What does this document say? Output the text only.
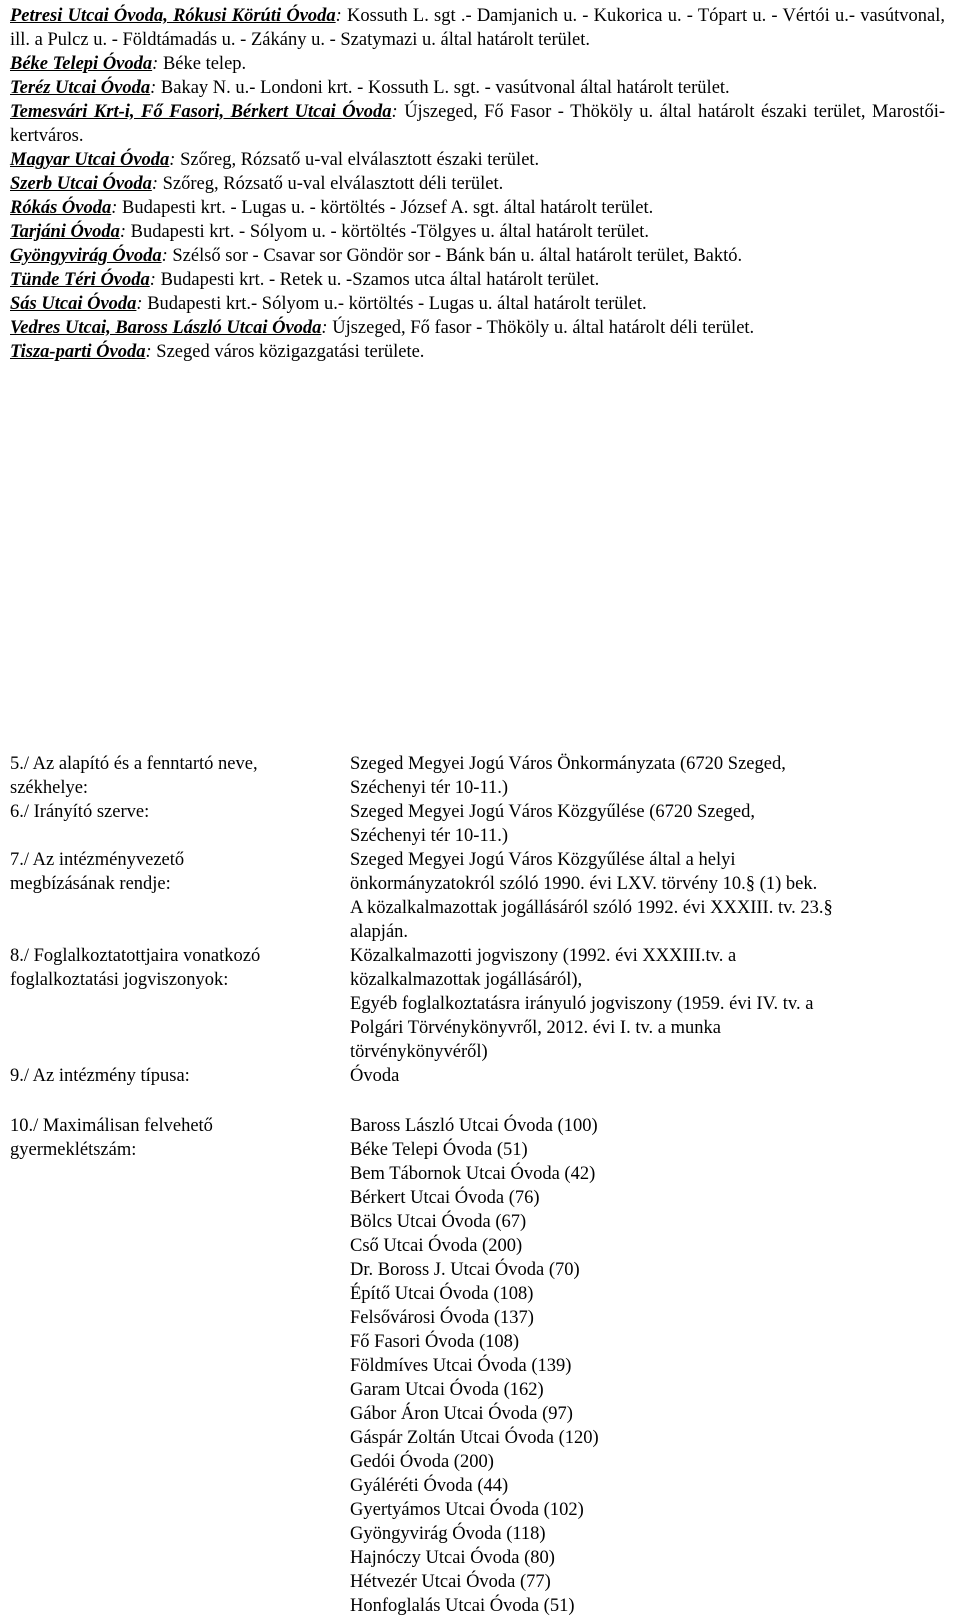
Petresi Utcai Óvoda, Rókusi Körúti Óvoda: Kossuth L. sgt .- Damjanich u. - Kukorica u. - Tópart u. - Vértói u.- vasútvonal, ill. a Pulcz u. - Földtámadás u. - Zákány u. - Szatymazi u. által határolt terület.

Béke Telepi Óvoda: Béke telep.

Teréz Utcai Óvoda: Bakay N. u.- Londoni krt. - Kossuth L. sgt. - vasútvonal által határolt terület.

Temesvári Krt-i, Fő Fasori, Bérkert Utcai Óvoda: Újszeged, Fő Fasor - Thököly u. által határolt északi terület, Marostői-kertváros.

Magyar Utcai Óvoda: Szőreg, Rózsatő u-val elválasztott északi terület.

Szerb Utcai Óvoda: Szőreg, Rózsatő u-val elválasztott déli terület.

Rókás Óvoda: Budapesti krt. - Lugas u. - körtöltés - József A. sgt. által határolt terület.

Tarjáni Óvoda: Budapesti krt. - Sólyom u. - körtöltés -Tölgyes u. által határolt terület.

Gyöngyvirág Óvoda: Szélső sor - Csavar sor Göndör sor - Bánk bán u. által határolt terület, Baktó.

Tünde Téri Óvoda: Budapesti krt. - Retek u. -Szamos utca által határolt terület.

Sás Utcai Óvoda: Budapesti krt.- Sólyom u.- körtöltés - Lugas u. által határolt terület.

Vedres Utcai, Baross László Utcai Óvoda: Újszeged, Fő fasor - Thököly u. által határolt déli terület.

Tisza-parti Óvoda: Szeged város közigazgatási területe.

5./ Az alapító és a fenntartó neve,
székhelye:
Szeged Megyei Jogú Város Önkormányzata (6720 Szeged,
Széchenyi tér 10-11.)
6./ Irányító szerve:	Szeged Megyei Jogú Város Közgyűlése (6720 Szeged,
Széchenyi tér 10-11.)
7./ Az intézményvezető
megbízásának rendje:
Szeged Megyei Jogú Város Közgyűlése által a helyi
önkormányzatokról szóló 1990. évi LXV. törvény 10.§ (1) bek.
A közalkalmazottak jogállásáról szóló 1992. évi XXXIII. tv. 23.§
alapján.
8./ Foglalkoztatottjaira vonatkozó
foglalkoztatási jogviszonyok:
Közalkalmazotti jogviszony (1992. évi XXXIII.tv. a
közalkalmazottak jogállásáról),
Egyéb foglalkoztatásra irányuló jogviszony (1959. évi IV. tv. a
Polgári Törvénykönyvről, 2012. évi I. tv. a munka
törvénykönyvéről)
9./ Az intézmény típusa:	Óvoda
10./ Maximálisan felvehető
gyermeklétszám:
Baross László Utcai Óvoda (100)
Béke Telepi Óvoda (51)
Bem Tábornok Utcai Óvoda (42)
Bérkert Utcai Óvoda (76)
Bölcs Utcai Óvoda (67)
Cső Utcai Óvoda (200)
Dr. Boross J. Utcai Óvoda (70)
Építő Utcai Óvoda (108)
Felsővárosi Óvoda (137)
Fő Fasori Óvoda (108)
Földmíves Utcai Óvoda (139)
Garam Utcai Óvoda (162)
Gábor Áron Utcai Óvoda (97)
Gáspár Zoltán Utcai Óvoda (120)
Gedói Óvoda (200)
Gyáléréti Óvoda (44)
Gyertyámos Utcai Óvoda (102)
Gyöngyvirág Óvoda (118)
Hajnóczy Utcai Óvoda (80)
Hétvezér Utcai Óvoda (77)
Honfoglalás Utcai Óvoda (51)
